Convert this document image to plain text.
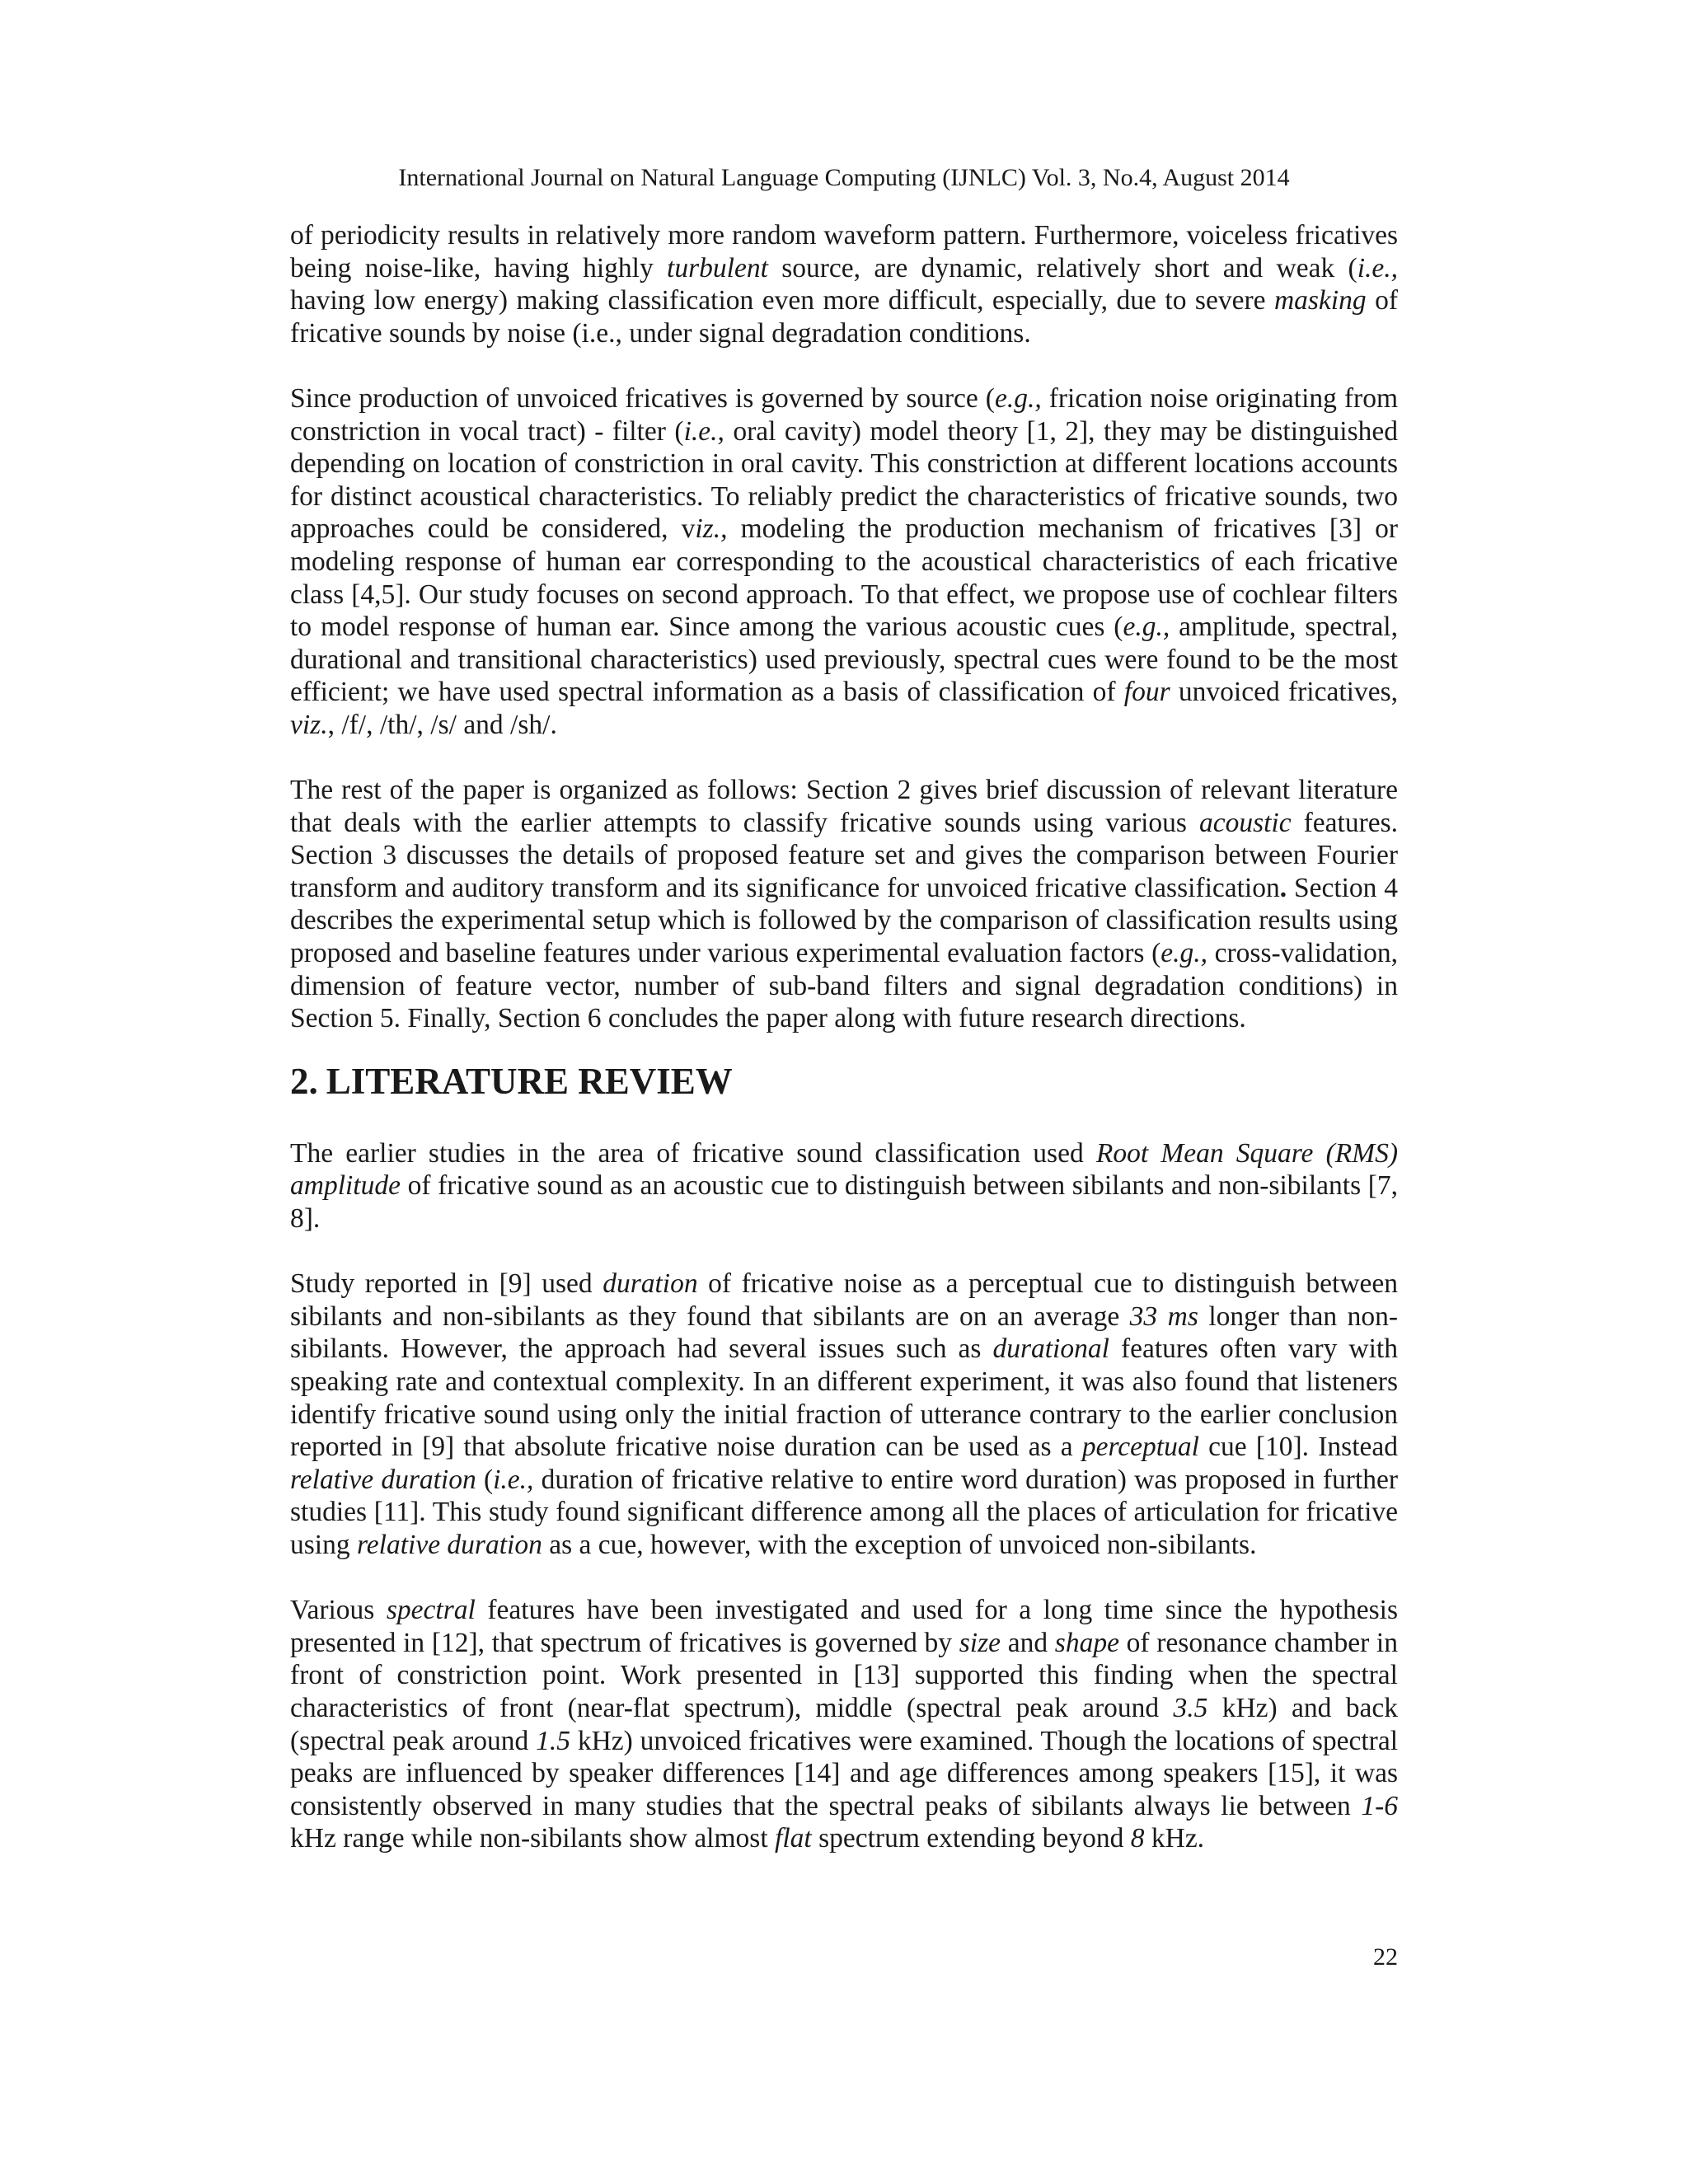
International Journal on Natural Language Computing (IJNLC) Vol. 3, No.4, August 2014

of periodicity results in relatively more random waveform pattern. Furthermore, voiceless fricatives being noise-like, having highly turbulent source, are dynamic, relatively short and weak (i.e., having low energy) making classification even more difficult, especially, due to severe masking of fricative sounds by noise (i.e., under signal degradation conditions.

Since production of unvoiced fricatives is governed by source (e.g., frication noise originating from constriction in vocal tract) - filter (i.e., oral cavity) model theory [1, 2], they may be distinguished depending on location of constriction in oral cavity. This constriction at different locations accounts for distinct acoustical characteristics. To reliably predict the characteristics of fricative sounds, two approaches could be considered, viz., modeling the production mechanism of fricatives [3] or modeling response of human ear corresponding to the acoustical characteristics of each fricative class [4,5]. Our study focuses on second approach. To that effect, we propose use of cochlear filters to model response of human ear. Since among the various acoustic cues (e.g., amplitude, spectral, durational and transitional characteristics) used previously, spectral cues were found to be the most efficient; we have used spectral information as a basis of classification of four unvoiced fricatives, viz., /f/, /th/, /s/ and /sh/.

The rest of the paper is organized as follows: Section 2 gives brief discussion of relevant literature that deals with the earlier attempts to classify fricative sounds using various acoustic features. Section 3 discusses the details of proposed feature set and gives the comparison between Fourier transform and auditory transform and its significance for unvoiced fricative classification. Section 4 describes the experimental setup which is followed by the comparison of classification results using proposed and baseline features under various experimental evaluation factors (e.g., cross-validation, dimension of feature vector, number of sub-band filters and signal degradation conditions) in Section 5. Finally, Section 6 concludes the paper along with future research directions.

2. LITERATURE REVIEW

The earlier studies in the area of fricative sound classification used Root Mean Square (RMS) amplitude of fricative sound as an acoustic cue to distinguish between sibilants and non-sibilants [7, 8].

Study reported in [9] used duration of fricative noise as a perceptual cue to distinguish between sibilants and non-sibilants as they found that sibilants are on an average 33 ms longer than non-sibilants. However, the approach had several issues such as durational features often vary with speaking rate and contextual complexity. In an different experiment, it was also found that listeners identify fricative sound using only the initial fraction of utterance contrary to the earlier conclusion reported in [9] that absolute fricative noise duration can be used as a perceptual cue [10]. Instead relative duration (i.e., duration of fricative relative to entire word duration) was proposed in further studies [11]. This study found significant difference among all the places of articulation for fricative using relative duration as a cue, however, with the exception of unvoiced non-sibilants.

Various spectral features have been investigated and used for a long time since the hypothesis presented in [12], that spectrum of fricatives is governed by size and shape of resonance chamber in front of constriction point. Work presented in [13] supported this finding when the spectral characteristics of front (near-flat spectrum), middle (spectral peak around 3.5 kHz) and back (spectral peak around 1.5 kHz) unvoiced fricatives were examined. Though the locations of spectral peaks are influenced by speaker differences [14] and age differences among speakers [15], it was consistently observed in many studies that the spectral peaks of sibilants always lie between 1-6 kHz range while non-sibilants show almost flat spectrum extending beyond 8 kHz.

22
